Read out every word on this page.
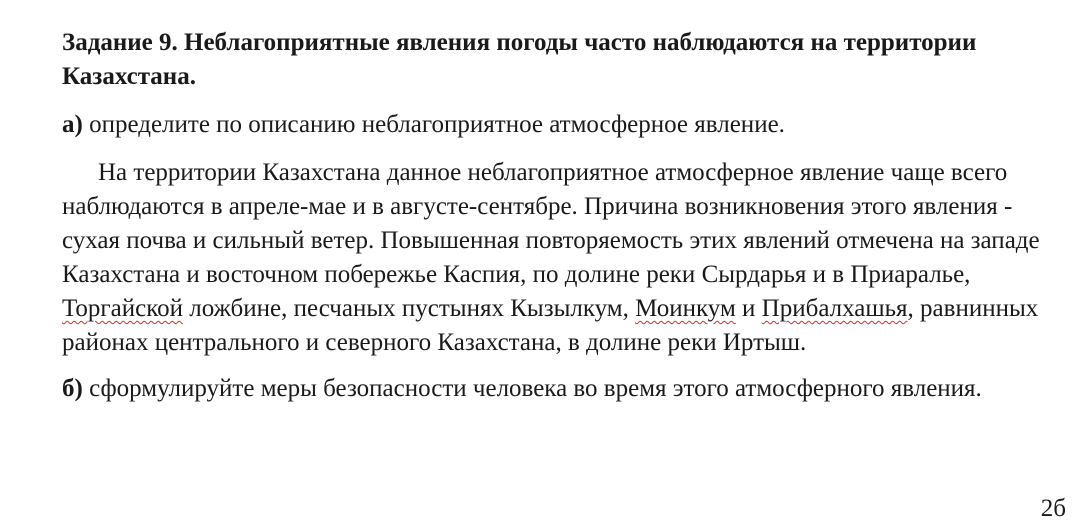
Задание 9. Неблагоприятные явления погоды часто наблюдаются на территории Казахстана.

а) определите по описанию неблагоприятное атмосферное явление.

На территории Казахстана данное неблагоприятное атмосферное явление чаще всего наблюдаются в апреле-мае и в августе-сентябре. Причина возникновения этого явления - сухая почва и сильный ветер. Повышенная повторяемость этих явлений отмечена на западе Казахстана и восточном побережье Каспия, по долине реки Сырдарья и в Приаралье, Торгайской ложбине, песчаных пустынях Кызылкум, Моинкум и Прибалхашья, равнинных районах центрального и северного Казахстана, в долине реки Иртыш.

б) сформулируйте меры безопасности человека во время этого атмосферного явления.

2б
